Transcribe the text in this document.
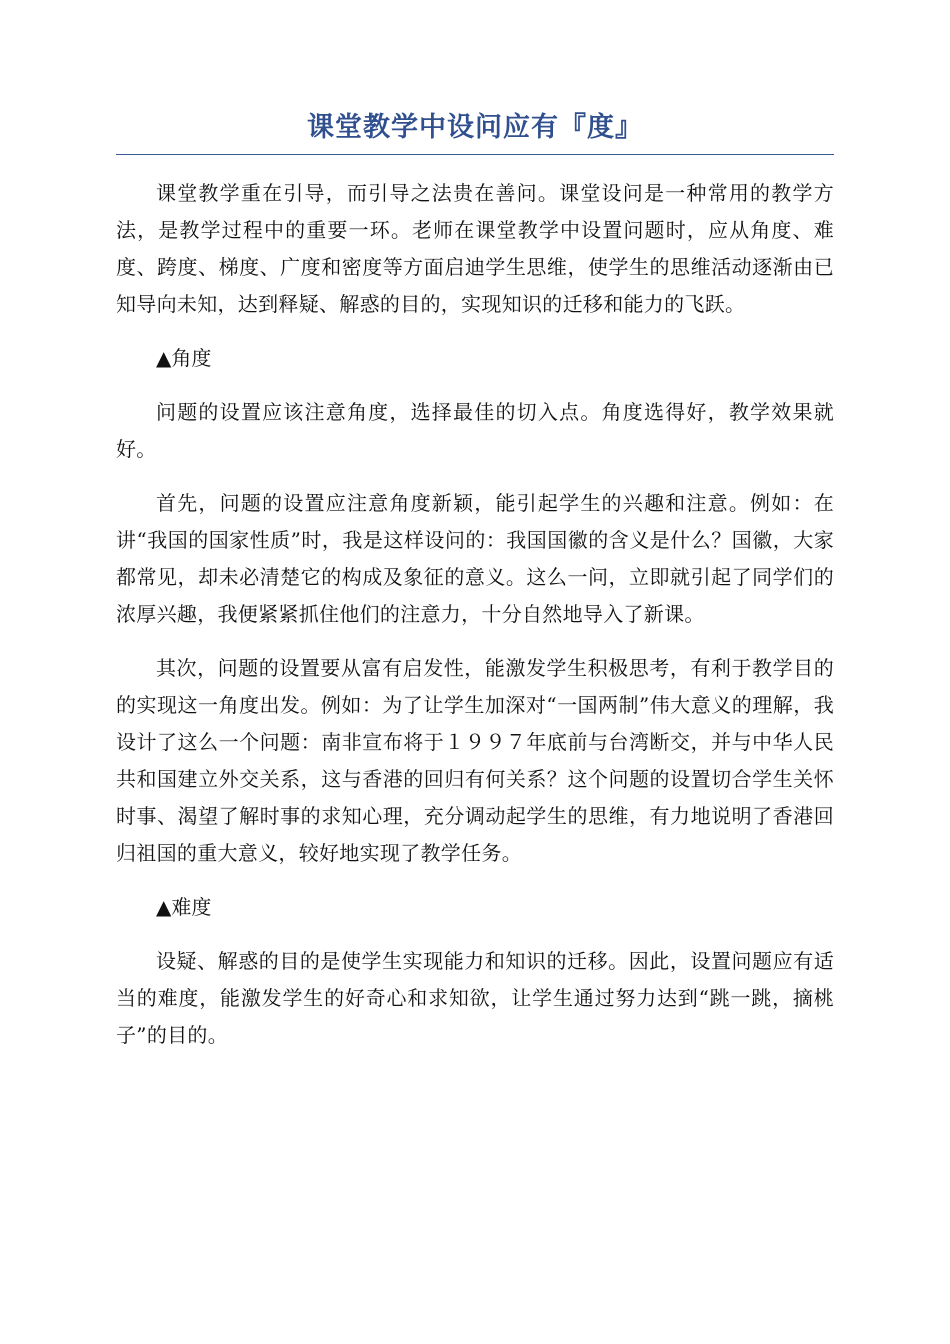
课堂教学中设问应有『度』

课堂教学重在引导，而引导之法贵在善问。课堂设问是一种常用的教学方法，是教学过程中的重要一环。老师在课堂教学中设置问题时，应从角度、难度、跨度、梯度、广度和密度等方面启迪学生思维，使学生的思维活动逐渐由已知导向未知，达到释疑、解惑的目的，实现知识的迁移和能力的飞跃。

▲角度

问题的设置应该注意角度，选择最佳的切入点。角度选得好，教学效果就好。

首先，问题的设置应注意角度新颖，能引起学生的兴趣和注意。例如：在讲“我国的国家性质”时，我是这样设问的：我国国徽的含义是什么？国徽，大家都常见，却未必清楚它的构成及象征的意义。这么一问，立即就引起了同学们的浓厚兴趣，我便紧紧抓住他们的注意力，十分自然地导入了新课。

其次，问题的设置要从富有启发性，能激发学生积极思考，有利于教学目的的实现这一角度出发。例如：为了让学生加深对“一国两制”伟大意义的理解，我设计了这么一个问题：南非宣布将于１９９７年底前与台湾断交，并与中华人民共和国建立外交关系，这与香港的回归有何关系？这个问题的设置切合学生关怀时事、渴望了解时事的求知心理，充分调动起学生的思维，有力地说明了香港回归祖国的重大意义，较好地实现了教学任务。

▲难度

设疑、解惑的目的是使学生实现能力和知识的迁移。因此，设置问题应有适当的难度，能激发学生的好奇心和求知欲，让学生通过努力达到“跳一跳，摘桃子”的目的。
